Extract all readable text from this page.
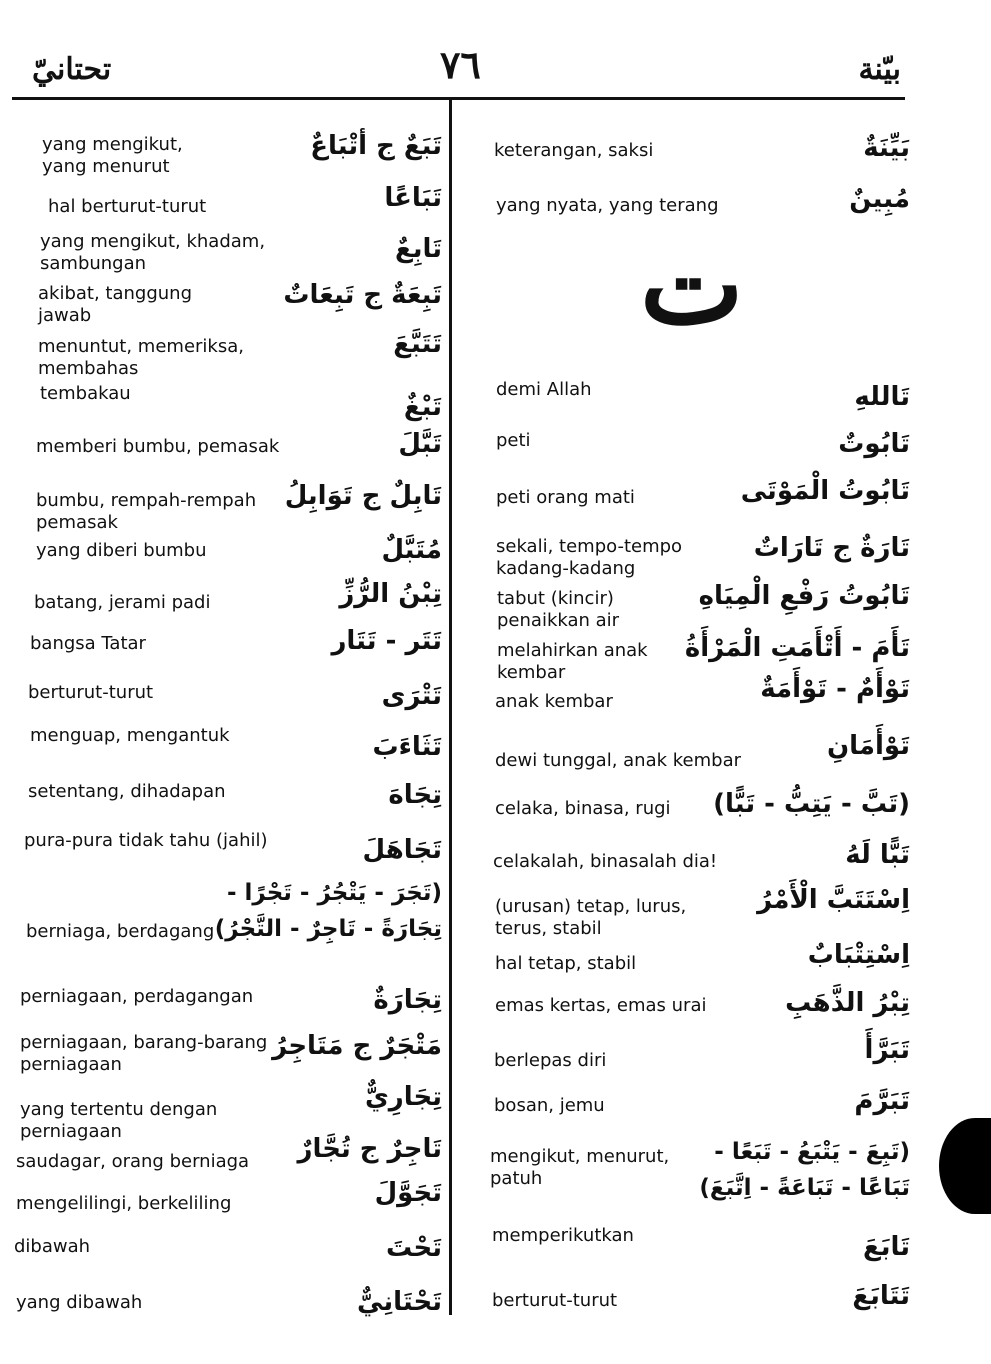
تحتانيّ	٧٦	بيّنة
ت
yang mengikut,
yang menurut
تَبَعٌ ج أتْبَاعٌ
hal berturut-turut	تَبَاعًا
yang mengikut, khadam,
sambungan	تَابِعٌ
akibat, tanggung
jawab
تَبِعَةٌ ج تَبِعَاتٌ
menuntut, memeriksa,
membahas
تَتَبَّعَ
tembakau	تَبْغٌ
memberi bumbu, pemasak	تَبَّلَ
bumbu, rempah-rempah
pemasak
تَابِلٌ ج تَوَابِلُ
yang diberi bumbu	مُتَبَّلٌ
batang, jerami padi	تِبْنُ الرُّزِّ
bangsa Tatar	تَتَر - تَتَار
berturut-turut	تَتْرَى
menguap, mengantuk	تَثَاءَبَ
setentang, dihadapan	تِجَاهَ
pura-pura tidak tahu (jahil)	تَجَاهَلَ
berniaga, berdagang
(تَجَرَ - يَتْجُرُ - تَجْرًا -
تِجَارَةً - تَاجِرٌ - التَّجْرُ)
perniagaan, perdagangan	تِجَارَةٌ
perniagaan, barang-barang
perniagaan
مَتْجَرٌ ج مَتَاجِرُ
yang tertentu dengan
perniagaan
تِجَارِيٌّ
saudagar, orang berniaga تَاجِرٌ ج تُجَّارٌ
mengelilingi, berkeliling	تَجَوَّلَ
dibawah	تَحْتَ
yang dibawah	تَحْتَانِيٌّ
keterangan, saksi	بَيِّنَةٌ
yang nyata, yang terang	مُبِينٌ
demi Allah	تَاللهِ
peti	تَابُوتٌ
peti orang mati	تَابُوتُ الْمَوْتَى
sekali, tempo-tempo
kadang-kadang
تَارَةٌ ج تَارَاتٌ
tabut (kincir)
penaikkan air
تَابُوتُ رَفْعِ الْمِيَاهِ
melahirkan anak
kembar
تَأَمَ - أَتْأَمَتِ الْمَرْأَةُ
anak kembar	تَوْأَمٌ - تَوْأَمَةٌ
dewi tunggal, anak kembar	تَوْأَمَانِ
celaka, binasa, rugi (تَبَّ - يَتِبُّ - تَبًّا)
celakalah, binasalah dia!	تَبًّا لَهُ
(urusan) tetap, lurus,
terus, stabil
اِسْتَتَبَّ الْأَمْرُ
hal tetap, stabil	اِسْتِتْبَابٌ
emas kertas, emas urai	تِبْرُ الذَّهَبِ
berlepas diri	تَبَرَّأَ
bosan, jemu	تَبَرَّمَ
mengikut, menurut,
patuh
(تَبِعَ - يَتْبَعُ - تَبَعًا -
تَبَاعًا - تَبَاعَةً - اِتَّبَعَ)
memperikutkan	تَابَعَ
berturut-turut	تَتَابَعَ
